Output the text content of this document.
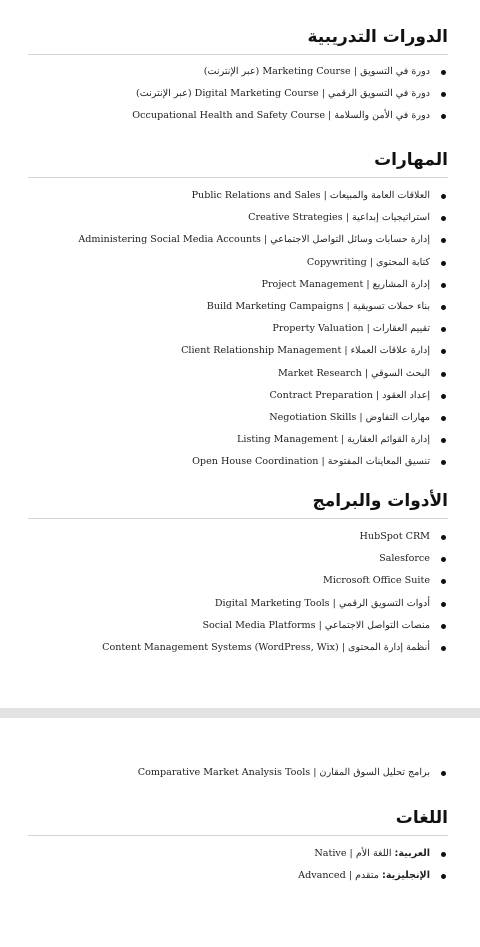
الدورات التدريبية
دورة في التسويق | Marketing Course (عبر الإنترنت)
دورة في التسويق الرقمي | Digital Marketing Course (عبر الإنترنت)
دورة في الأمن والسلامة | Occupational Health and Safety Course
المهارات
العلاقات العامة والمبيعات | Public Relations and Sales
استراتيجيات إبداعية | Creative Strategies
إدارة حسابات وسائل التواصل الاجتماعي | Administering Social Media Accounts
كتابة المحتوى | Copywriting
إدارة المشاريع | Project Management
بناء حملات تسويقية | Build Marketing Campaigns
تقييم العقارات | Property Valuation
إدارة علاقات العملاء | Client Relationship Management
البحث السوقي | Market Research
إعداد العقود | Contract Preparation
مهارات التفاوض | Negotiation Skills
إدارة القوائم العقارية | Listing Management
تنسيق المعاينات المفتوحة | Open House Coordination
الأدوات والبرامج
HubSpot CRM
Salesforce
Microsoft Office Suite
أدوات التسويق الرقمي | Digital Marketing Tools
منصات التواصل الاجتماعي | Social Media Platforms
أنظمة إدارة المحتوى | Content Management Systems (WordPress, Wix)
برامج تحليل السوق المقارن | Comparative Market Analysis Tools
اللغات
العربية: اللغة الأم | Native
الإنجليزية: متقدم | Advanced
